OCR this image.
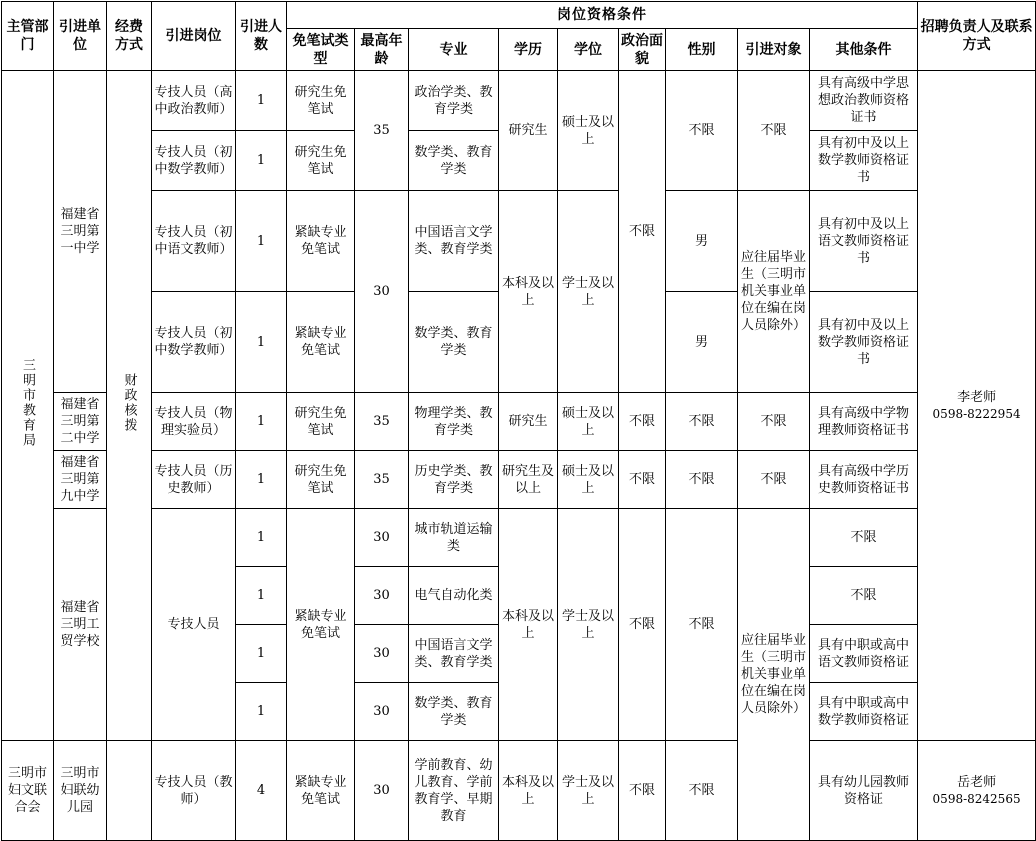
主管部门	引进单位	经费方式	引进岗位	引进人数	岗位资格条件									招聘负责人及联系方式
					免笔试类型	最高年龄	专业	学历	学位	政治面貌	性别	引进对象	其他条件	
三明市教育局	福建省三明第一中学	财政核拨	专技人员（高中政治教师）	1	研究生免笔试	35	政治学类、教育学类	研究生	硕士及以上	不限	不限	不限	具有高级中学思想政治教师资格证书	李老师
0598-8222954

			专技人员（初中数学教师）	1	研究生免笔试		数学类、教育学类						具有初中及以上数学教师资格证书	
			专技人员（初中语文教师）	1	紧缺专业免笔试	30	中国语言文学类、教育学类	本科及以上	学士及以上		男	应往届毕业生（三明市机关事业单位在编在岗人员除外）	具有初中及以上语文教师资格证书	
			专技人员（初中数学教师）	1	紧缺专业免笔试		数学类、教育学类				男		具有初中及以上数学教师资格证书	
	福建省三明第二中学		专技人员（物理实验员）	1	研究生免笔试	35	物理学类、教育学类	研究生	硕士及以上	不限	不限	不限	具有高级中学物理教师资格证书	
	福建省三明第九中学		专技人员（历史教师）	1	研究生免笔试	35	历史学类、教育学类	研究生及以上	硕士及以上	不限	不限	不限	具有高级中学历史教师资格证书	
	福建省三明工贸学校		专技人员	1	紧缺专业免笔试	30	城市轨道运输类	本科及以上	学士及以上	不限	不限	应往届毕业生（三明市机关事业单位在编在岗人员除外）	不限	
				1		30	电气自动化类						不限	
				1		30	中国语言文学类、教育学类						具有中职或高中语文教师资格证	
				1		30	数学类、教育学类						具有中职或高中数学教师资格证	
三明市妇文联合会	三明市妇联幼儿园		专技人员（教师）	4	紧缺专业免笔试	30	学前教育、幼儿教育、学前教育学、早期教育	本科及以上	学士及以上	不限	不限		具有幼儿园教师资格证	岳老师
0598-8242565
